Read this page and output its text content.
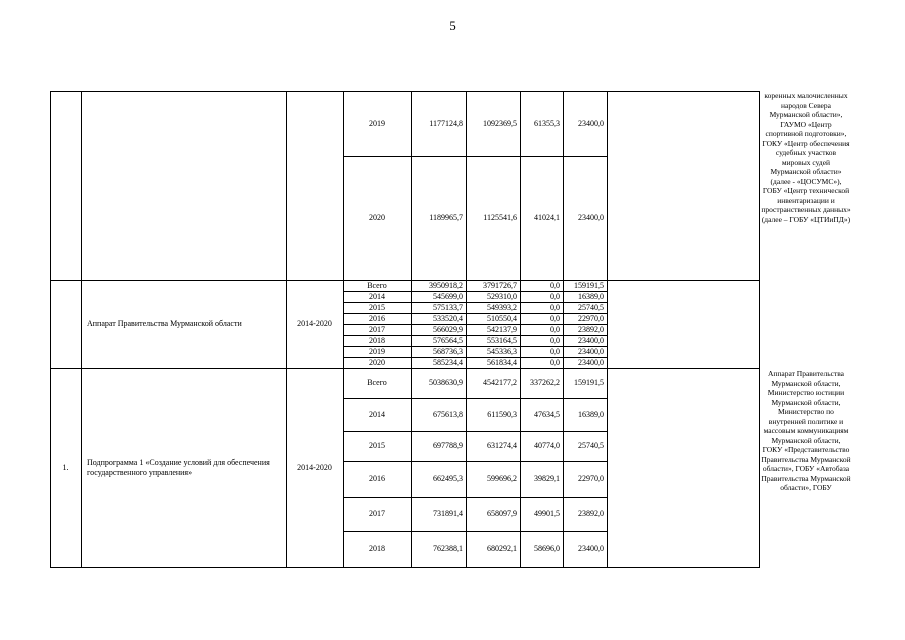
5
2019	1177124,8	1092369,5	61355,3	23400,0
2020	1189965,7	1125541,6	41024,1	23400,0
коренных малочисленных народов Севера Мурманской области», ГАУМО «Центр спортивной подготовки», ГОКУ «Центр обеспечения судебных участков мировых судей Мурманской области» (далее - «ЦОСУМС»), ГОБУ «Центр технической инвентаризации и пространственных данных» (далее – ГОБУ «ЦТИиПД»)
Аппарат Правительства Мурманской области	2014-2020
Всего	3950918,2	3791726,7	0,0	159191,5
2014	545699,0	529310,0	0,0	16389,0
2015	575133,7	549393,2	0,0	25740,5
2016	533520,4	510550,4	0,0	22970,0
2017	566029,9	542137,9	0,0	23892,0
2018	576564,5	553164,5	0,0	23400,0
2019	568736,3	545336,3	0,0	23400,0
2020	585234,4	561834,4	0,0	23400,0
1.
Подпрограмма 1 «Создание условий для обеспечения государственного управления»
2014-2020
Всего	5038630,9	4542177,2	337262,2	159191,5
2014	675613,8	611590,3	47634,5	16389,0
2015	697788,9	631274,4	40774,0	25740,5
2016	662495,3	599696,2	39829,1	22970,0
2017	731891,4	658097,9	49901,5	23892,0
2018	762388,1	680292,1	58696,0	23400,0
Аппарат Правительства Мурманской области, Министерство юстиции Мурманской области, Министерство по внутренней политике и массовым коммуникациям Мурманской области, ГОКУ «Представительство Правительства Мурманской области», ГОБУ «Автобаза Правительства Мурманской области», ГОБУ
